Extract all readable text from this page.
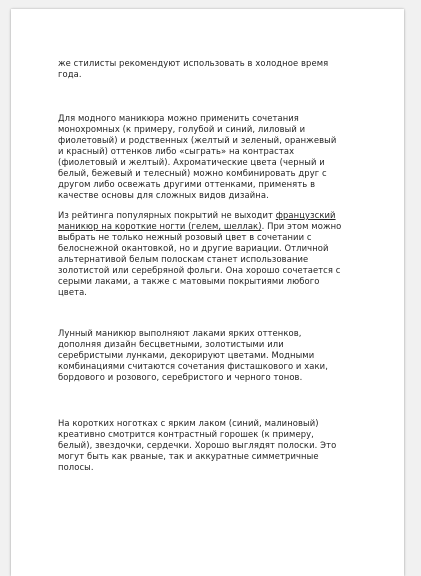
же стилисты рекомендуют использовать в холодное время
года.

Для модного маникюра можно применить сочетания
монохромных (к примеру, голубой и синий, лиловый и
фиолетовый) и родственных (желтый и зеленый, оранжевый
и красный) оттенков либо «сыграть» на контрастах
(фиолетовый и желтый). Ахроматические цвета (черный и
белый, бежевый и телесный) можно комбинировать друг с
другом либо освежать другими оттенками, применять в
качестве основы для сложных видов дизайна.

Из рейтинга популярных покрытий не выходит французский
маникюр на короткие ногти (гелем, шеллак). При этом можно
выбрать не только нежный розовый цвет в сочетании с
белоснежной окантовкой, но и другие вариации. Отличной
альтернативой белым полоскам станет использование
золотистой или серебряной фольги. Она хорошо сочетается с
серыми лаками, а также с матовыми покрытиями любого
цвета.

Лунный маникюр выполняют лаками ярких оттенков,
дополняя дизайн бесцветными, золотистыми или
серебристыми лунками, декорируют цветами. Модными
комбинациями считаются сочетания фисташкового и хаки,
бордового и розового, серебристого и черного тонов.

На коротких ноготках с ярким лаком (синий, малиновый)
креативно смотрится контрастный горошек (к примеру,
белый), звездочки, сердечки. Хорошо выглядят полоски. Это
могут быть как рваные, так и аккуратные симметричные
полосы.
